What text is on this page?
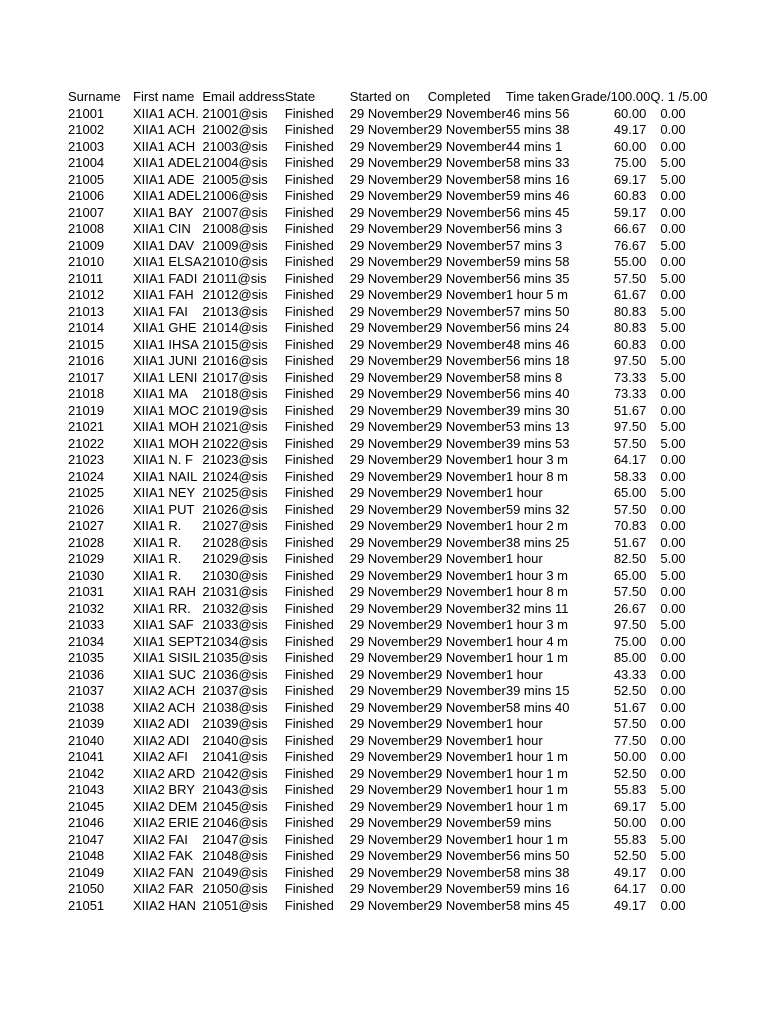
Surname	First name	Email address	State	Started on	Completed	Time taken	Grade/100.00	Q. 1 /5.00
21001	XIIA1 ACH.	21001@sis	Finished	29 November	29 November	46 mins 56	60.00	0.00
21002	XIIA1 ACH	21002@sis	Finished	29 November	29 November	55 mins 38	49.17	0.00
21003	XIIA1 ACH	21003@sis	Finished	29 November	29 November	44 mins 1	60.00	0.00
21004	XIIA1 ADEL	21004@sis	Finished	29 November	29 November	58 mins 33	75.00	5.00
21005	XIIA1 ADE	21005@sis	Finished	29 November	29 November	58 mins 16	69.17	5.00
21006	XIIA1 ADEL	21006@sis	Finished	29 November	29 November	59 mins 46	60.83	0.00
21007	XIIA1 BAY	21007@sis	Finished	29 November	29 November	56 mins 45	59.17	0.00
21008	XIIA1 CIN	21008@sis	Finished	29 November	29 November	56 mins 3	66.67	0.00
21009	XIIA1 DAV	21009@sis	Finished	29 November	29 November	57 mins 3	76.67	5.00
21010	XIIA1 ELSA	21010@sis	Finished	29 November	29 November	59 mins 58	55.00	0.00
21011	XIIA1 FADI	21011@sis	Finished	29 November	29 November	56 mins 35	57.50	5.00
21012	XIIA1 FAH	21012@sis	Finished	29 November	29 November	1 hour 5 m	61.67	0.00
21013	XIIA1 FAI	21013@sis	Finished	29 November	29 November	57 mins 50	80.83	5.00
21014	XIIA1 GHE	21014@sis	Finished	29 November	29 November	56 mins 24	80.83	5.00
21015	XIIA1 IHSA	21015@sis	Finished	29 November	29 November	48 mins 46	60.83	0.00
21016	XIIA1 JUNI	21016@sis	Finished	29 November	29 November	56 mins 18	97.50	5.00
21017	XIIA1 LENI	21017@sis	Finished	29 November	29 November	58 mins 8	73.33	5.00
21018	XIIA1 MA	21018@sis	Finished	29 November	29 November	56 mins 40	73.33	0.00
21019	XIIA1 MOC	21019@sis	Finished	29 November	29 November	39 mins 30	51.67	0.00
21021	XIIA1 MOH	21021@sis	Finished	29 November	29 November	53 mins 13	97.50	5.00
21022	XIIA1 MOH	21022@sis	Finished	29 November	29 November	39 mins 53	57.50	5.00
21023	XIIA1 N. F	21023@sis	Finished	29 November	29 November	1 hour 3 m	64.17	0.00
21024	XIIA1 NAIL	21024@sis	Finished	29 November	29 November	1 hour 8 m	58.33	0.00
21025	XIIA1 NEY	21025@sis	Finished	29 November	29 November	1 hour	65.00	5.00
21026	XIIA1 PUT	21026@sis	Finished	29 November	29 November	59 mins 32	57.50	0.00
21027	XIIA1 R.	21027@sis	Finished	29 November	29 November	1 hour 2 m	70.83	0.00
21028	XIIA1 R.	21028@sis	Finished	29 November	29 November	38 mins 25	51.67	0.00
21029	XIIA1 R.	21029@sis	Finished	29 November	29 November	1 hour	82.50	5.00
21030	XIIA1 R.	21030@sis	Finished	29 November	29 November	1 hour 3 m	65.00	5.00
21031	XIIA1 RAH	21031@sis	Finished	29 November	29 November	1 hour 8 m	57.50	0.00
21032	XIIA1 RR.	21032@sis	Finished	29 November	29 November	32 mins 11	26.67	0.00
21033	XIIA1 SAF	21033@sis	Finished	29 November	29 November	1 hour 3 m	97.50	5.00
21034	XIIA1 SEPT	21034@sis	Finished	29 November	29 November	1 hour 4 m	75.00	0.00
21035	XIIA1 SISIL	21035@sis	Finished	29 November	29 November	1 hour 1 m	85.00	0.00
21036	XIIA1 SUC	21036@sis	Finished	29 November	29 November	1 hour	43.33	0.00
21037	XIIA2 ACH	21037@sis	Finished	29 November	29 November	39 mins 15	52.50	0.00
21038	XIIA2 ACH	21038@sis	Finished	29 November	29 November	58 mins 40	51.67	0.00
21039	XIIA2 ADI	21039@sis	Finished	29 November	29 November	1 hour	57.50	0.00
21040	XIIA2 ADI	21040@sis	Finished	29 November	29 November	1 hour	77.50	0.00
21041	XIIA2 AFI	21041@sis	Finished	29 November	29 November	1 hour 1 m	50.00	0.00
21042	XIIA2 ARD	21042@sis	Finished	29 November	29 November	1 hour 1 m	52.50	0.00
21043	XIIA2 BRY	21043@sis	Finished	29 November	29 November	1 hour 1 m	55.83	5.00
21045	XIIA2 DEM	21045@sis	Finished	29 November	29 November	1 hour 1 m	69.17	5.00
21046	XIIA2 ERIE	21046@sis	Finished	29 November	29 November	59 mins	50.00	0.00
21047	XIIA2 FAI	21047@sis	Finished	29 November	29 November	1 hour 1 m	55.83	5.00
21048	XIIA2 FAK	21048@sis	Finished	29 November	29 November	56 mins 50	52.50	5.00
21049	XIIA2 FAN	21049@sis	Finished	29 November	29 November	58 mins 38	49.17	0.00
21050	XIIA2 FAR	21050@sis	Finished	29 November	29 November	59 mins 16	64.17	0.00
21051	XIIA2 HAN	21051@sis	Finished	29 November	29 November	58 mins 45	49.17	0.00
